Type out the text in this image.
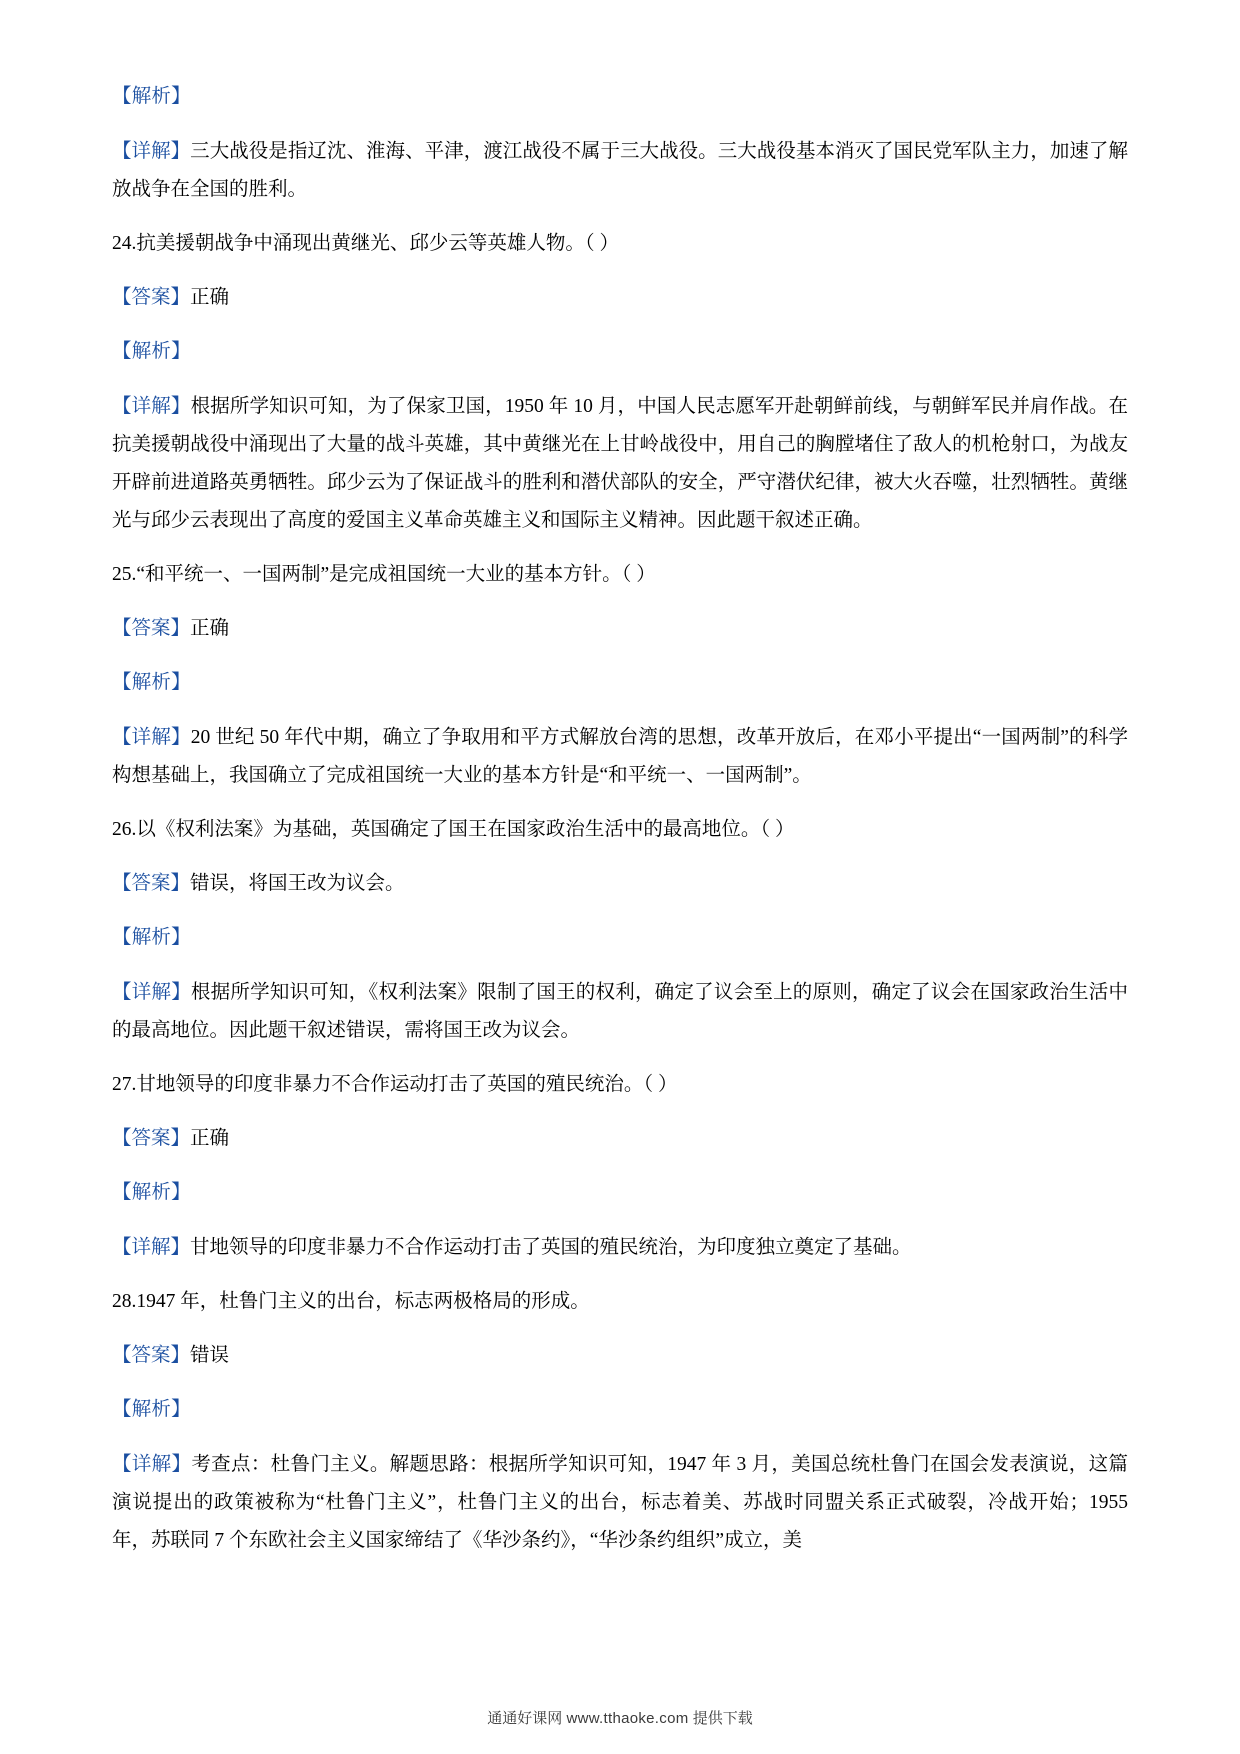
【解析】
【详解】三大战役是指辽沈、淮海、平津，渡江战役不属于三大战役。三大战役基本消灭了国民党军队主力，加速了解放战争在全国的胜利。
24.抗美援朝战争中涌现出黄继光、邱少云等英雄人物。（ ）
【答案】正确
【解析】
【详解】根据所学知识可知，为了保家卫国，1950 年 10 月，中国人民志愿军开赴朝鲜前线，与朝鲜军民并肩作战。在抗美援朝战役中涌现出了大量的战斗英雄，其中黄继光在上甘岭战役中，用自己的胸膛堵住了敌人的机枪射口，为战友开辟前进道路英勇牺牲。邱少云为了保证战斗的胜利和潜伏部队的安全，严守潜伏纪律，被大火吞噬，壮烈牺牲。黄继光与邱少云表现出了高度的爱国主义革命英雄主义和国际主义精神。因此题干叙述正确。
25.“和平统一、一国两制”是完成祖国统一大业的基本方针。（ ）
【答案】正确
【解析】
【详解】20 世纪 50 年代中期，确立了争取用和平方式解放台湾的思想，改革开放后，在邓小平提出“一国两制”的科学构想基础上，我国确立了完成祖国统一大业的基本方针是“和平统一、一国两制”。
26.以《权利法案》为基础，英国确定了国王在国家政治生活中的最高地位。（ ）
【答案】错误，将国王改为议会。
【解析】
【详解】根据所学知识可知，《权利法案》限制了国王的权利，确定了议会至上的原则，确定了议会在国家政治生活中的最高地位。因此题干叙述错误，需将国王改为议会。
27.甘地领导的印度非暴力不合作运动打击了英国的殖民统治。（ ）
【答案】正确
【解析】
【详解】甘地领导的印度非暴力不合作运动打击了英国的殖民统治，为印度独立奠定了基础。
28.1947 年，杜鲁门主义的出台，标志两极格局的形成。
【答案】错误
【解析】
【详解】考查点：杜鲁门主义。解题思路：根据所学知识可知，1947 年 3 月，美国总统杜鲁门在国会发表演说，这篇演说提出的政策被称为“杜鲁门主义”，杜鲁门主义的出台，标志着美、苏战时同盟关系正式破裂，冷战开始；1955 年，苏联同 7 个东欧社会主义国家缔结了《华沙条约》，“华沙条约组织”成立，美
通通好课网 www.tthaoke.com 提供下载
